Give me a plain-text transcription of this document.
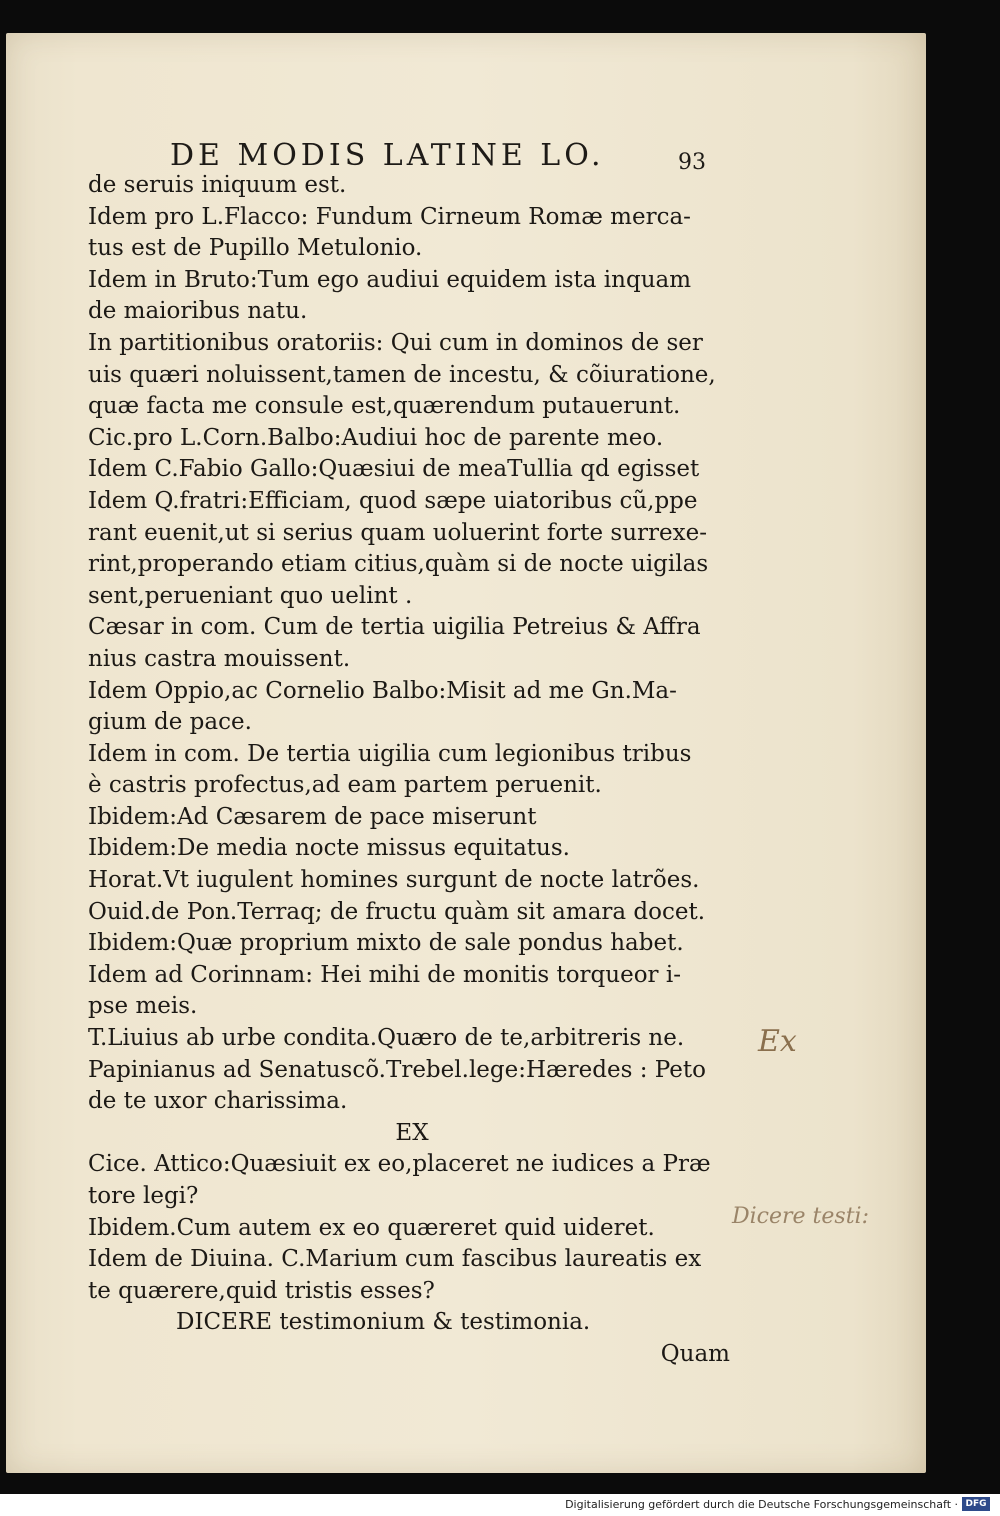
DE MODIS LATINE LO.	93
de seruis iniquum est.
Idem pro L.Flacco: Fundum Cirneum Romæ merca-
tus est de Pupillo Metulonio.
Idem in Bruto:Tum ego audiui equidem ista inquam
de maioribus natu.
In partitionibus oratoriis: Qui cum in dominos de ser
uis quæri noluissent,tamen de incestu, & cõiuratione,
quæ facta me consule est,quærendum putauerunt.
Cic.pro L.Corn.Balbo:Audiui hoc de parente meo.
Idem C.Fabio Gallo:Quæsiui de meaTullia qd egisset
Idem Q.fratri:Efficiam, quod sæpe uiatoribus cũ,ppe
rant euenit,ut si serius quam uoluerint forte surrexe-
rint,properando etiam citius,quàm si de nocte uigilas
sent,perueniant quo uelint .
Cæsar in com. Cum de tertia uigilia Petreius & Affra
nius castra mouissent.
Idem Oppio,ac Cornelio Balbo:Misit ad me Gn.Ma-
gium de pace.
Idem in com. De tertia uigilia cum legionibus tribus
è castris profectus,ad eam partem peruenit.
Ibidem:Ad Cæsarem de pace miserunt
Ibidem:De media nocte missus equitatus.
Horat.Vt iugulent homines surgunt de nocte latrões.
Ouid.de Pon.Terraq; de fructu quàm sit amara docet.
Ibidem:Quæ proprium mixto de sale pondus habet.
Idem ad Corinnam: Hei mihi de monitis torqueor i-
pse meis.
T.Liuius ab urbe condita.Quæro de te,arbitreris ne.
Papinianus ad Senatuscõ.Trebel.lege:Hæredes : Peto
de te uxor charissima.
EX
Cice. Attico:Quæsiuit ex eo,placeret ne iudices a Præ
tore legi?
Ibidem.Cum autem ex eo quæreret quid uideret.
Idem de Diuina. C.Marium cum fascibus laureatis ex
te quærere,quid tristis esses?
DICERE testimonium & testimonia.
Quam
Ex
Dicere testi:
Digitalisierung gefördert durch die Deutsche Forschungsgemeinschaft · DFG
